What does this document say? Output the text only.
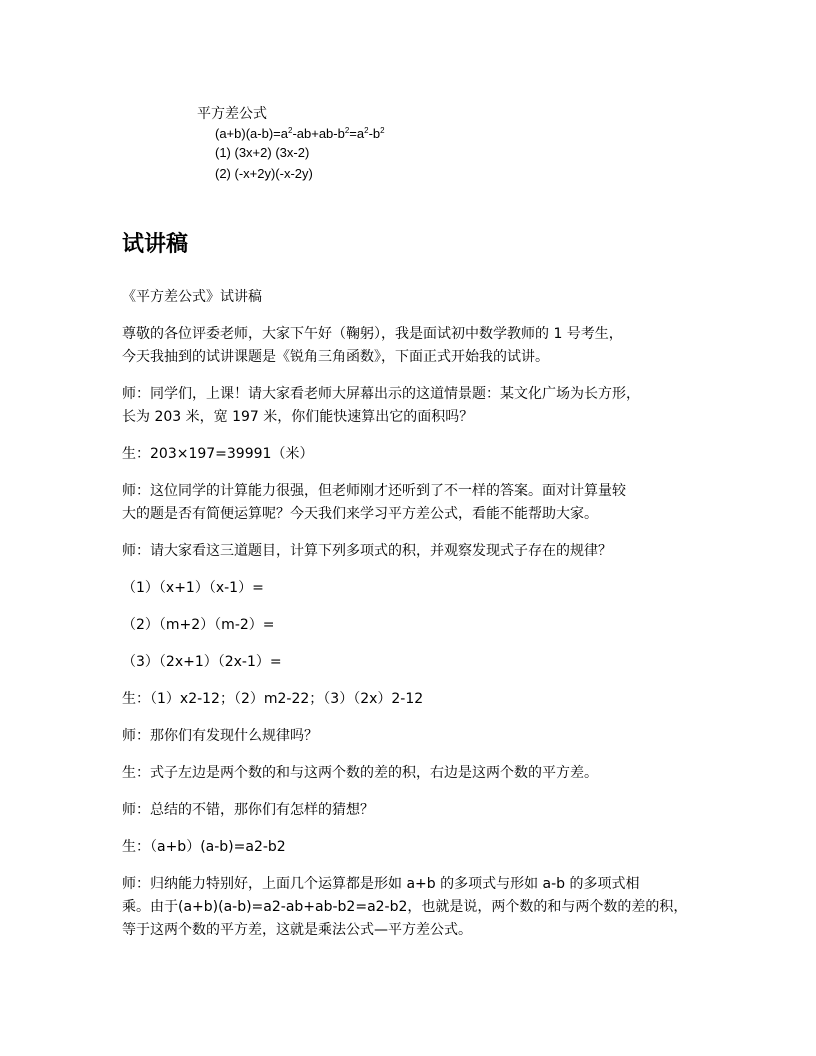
平方差公式
$(a+b)(a-b)=a^2-ab+ab-b^2=a^2-b^2$
(1) (3x+2) (3x-2)
(2) (-x+2y)(-x-2y)
试讲稿

《平方差公式》试讲稿

尊敬的各位评委老师，大家下午好（鞠躬），我是面试初中数学教师的 1 号考生，
今天我抽到的试讲课题是《锐角三角函数》，下面正式开始我的试讲。

师：同学们，上课！请大家看老师大屏幕出示的这道情景题：某文化广场为长方形，
长为 203 米，宽 197 米，你们能快速算出它的面积吗？

生：203×197=39991（米）

师：这位同学的计算能力很强，但老师刚才还听到了不一样的答案。面对计算量较
大的题是否有简便运算呢？今天我们来学习平方差公式，看能不能帮助大家。

师：请大家看这三道题目，计算下列多项式的积，并观察发现式子存在的规律？

（1）（x+1）（x-1）=

（2）（m+2）（m-2）=

（3）（2x+1）（2x-1）=

生：（1）x2-12；（2）m2-22；（3）（2x）2-12

师：那你们有发现什么规律吗？

生：式子左边是两个数的和与这两个数的差的积，右边是这两个数的平方差。

师：总结的不错，那你们有怎样的猜想？

生：（a+b）(a-b)=a2-b2

师：归纳能力特别好，上面几个运算都是形如 a+b 的多项式与形如 a-b 的多项式相
乘。由于(a+b)(a-b)=a2-ab+ab-b2=a2-b2，也就是说，两个数的和与两个数的差的积，
等于这两个数的平方差，这就是乘法公式—平方差公式。
